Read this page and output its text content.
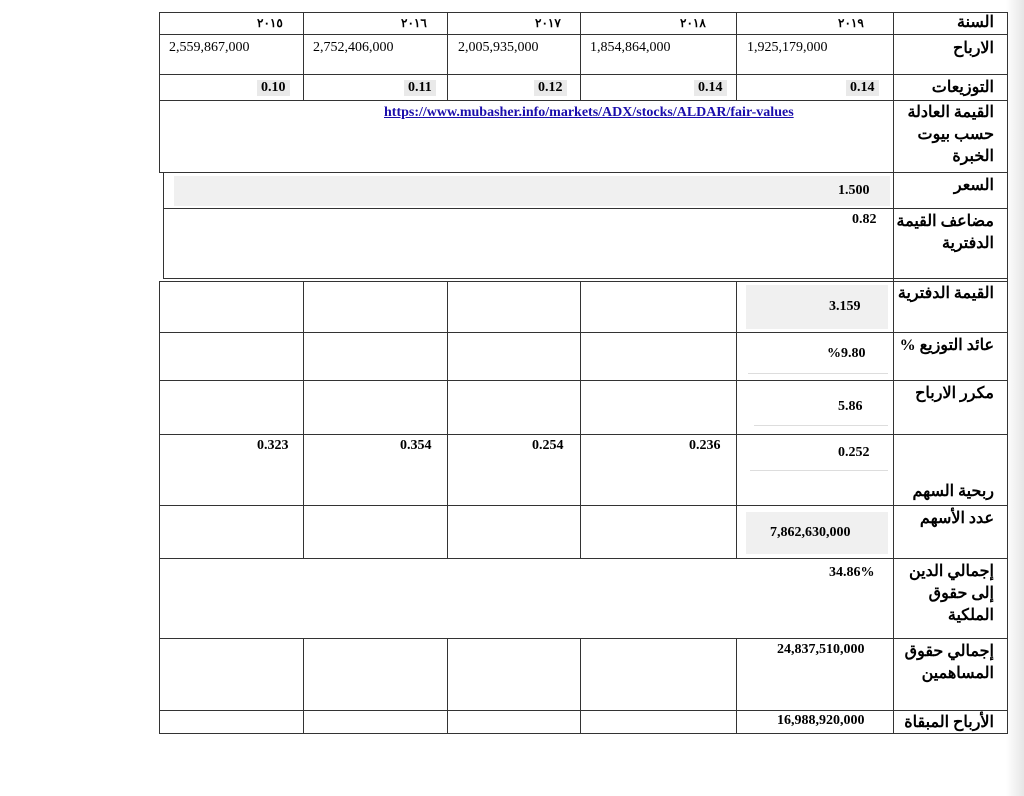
السنة
الارباح
التوزيعات
القيمة العادلة حسب بيوت الخبرة
السعر
مضاعف القيمة الدفترية
القيمة الدفترية
عائد التوزيع %
مكرر الارباح
ربحية السهم
عدد الأسهم
إجمالي الدين إلى حقوق الملكية
إجمالي حقوق المساهمين
الأرباح المبقاة
٢٠١٩
٢٠١٨
٢٠١٧
٢٠١٦
٢٠١٥
1,925,179,000
1,854,864,000
2,005,935,000
2,752,406,000
2,559,867,000
0.14
0.14
0.12
0.11
0.10
https://www.mubasher.info/markets/ADX/stocks/ALDAR/fair-values
1.500
0.82
3.159
%9.80
5.86
0.252
0.236
0.254
0.354
0.323
7,862,630,000
34.86%
24,837,510,000
16,988,920,000
